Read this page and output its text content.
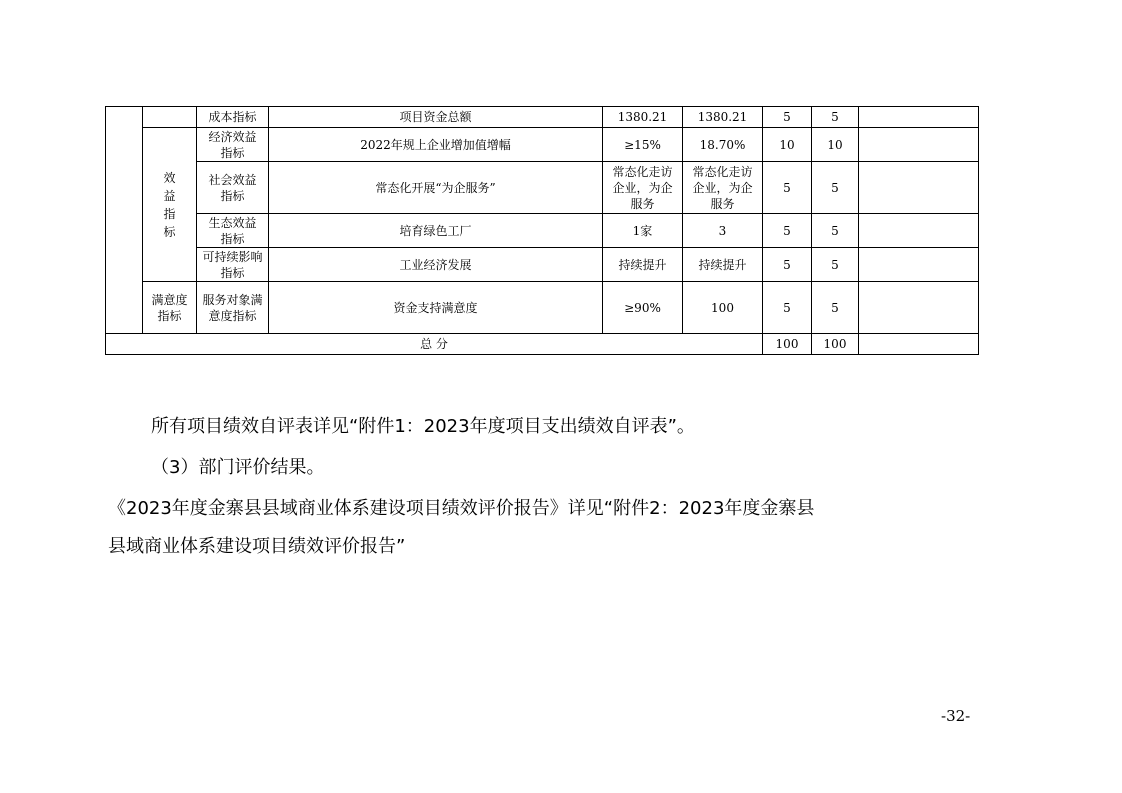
		成本指标	项目资金总额	1380.21	1380.21	5	5	
	效益指标	经济效益指标	2022年规上企业增加值增幅	≥15%	18.70%	10	10	
		社会效益指标	常态化开展“为企服务”	常态化走访企业，为企服务	常态化走访企业，为企服务	5	5	
		生态效益指标	培育绿色工厂	1家	3	5	5	
		可持续影响指标	工业经济发展	持续提升	持续提升	5	5	
	满意度指标	服务对象满意度指标	资金支持满意度	≥90%	100	5	5	
总 分						100	100	
所有项目绩效自评表详见“附件1：2023年度项目支出绩效自评表”。
（3）部门评价结果。
《2023年度金寨县县域商业体系建设项目绩效评价报告》详见“附件2：2023年度金寨县
县域商业体系建设项目绩效评价报告”
-32-
